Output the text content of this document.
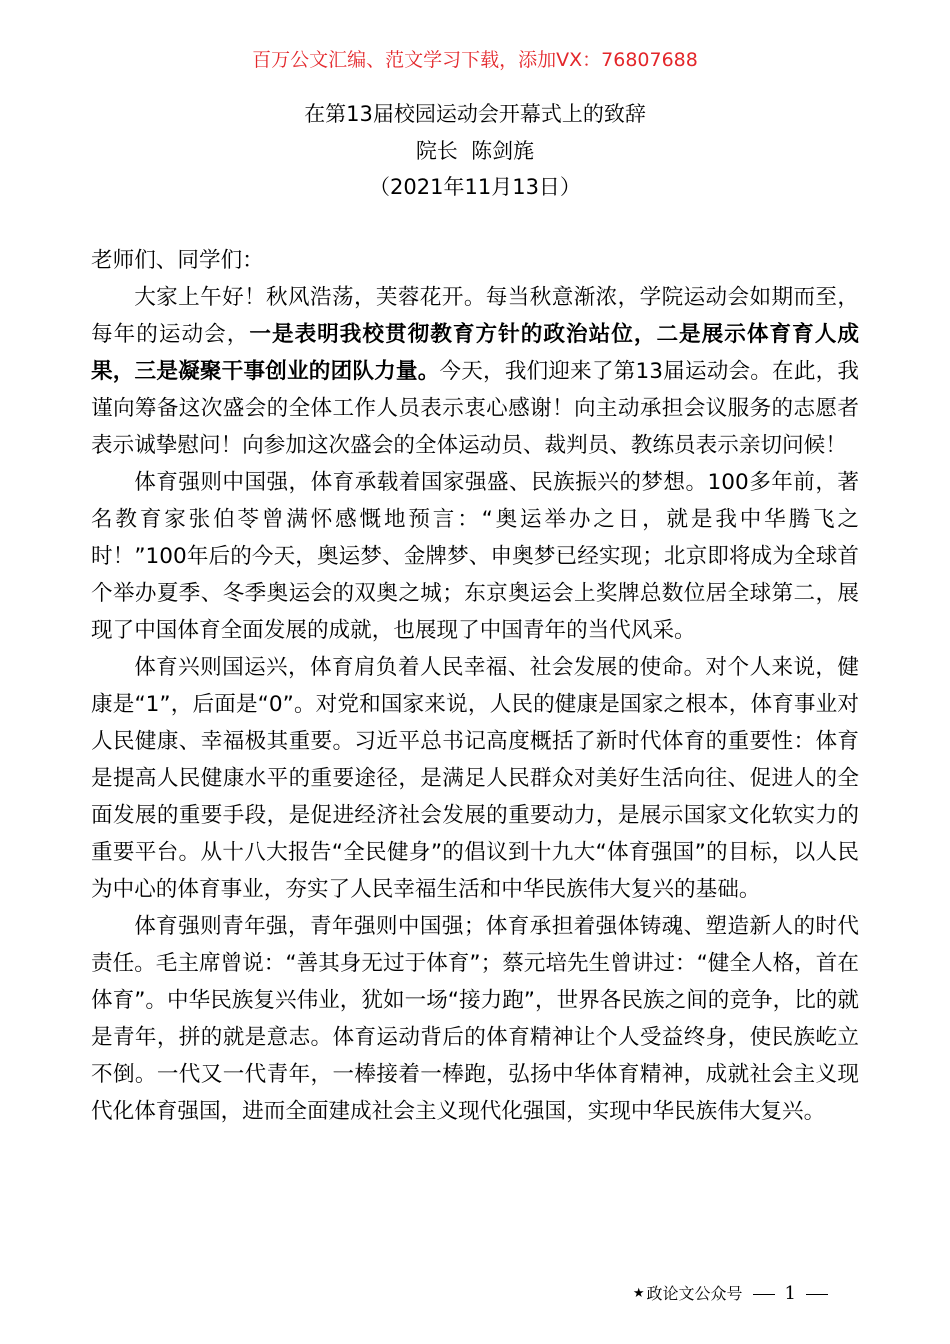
百万公文汇编、范文学习下载，添加VX：76807688
在第13届校园运动会开幕式上的致辞
院长  陈剑旄
（2021年11月13日）

老师们、同学们：

大家上午好！秋风浩荡，芙蓉花开。每当秋意渐浓，学院运动会如期而至，每年的运动会，一是表明我校贯彻教育方针的政治站位，二是展示体育育人成果，三是凝聚干事创业的团队力量。今天，我们迎来了第13届运动会。在此，我谨向筹备这次盛会的全体工作人员表示衷心感谢！向主动承担会议服务的志愿者表示诚挚慰问！向参加这次盛会的全体运动员、裁判员、教练员表示亲切问候！

体育强则中国强，体育承载着国家强盛、民族振兴的梦想。100多年前，著名教育家张伯苓曾满怀感慨地预言：“奥运举办之日，就是我中华腾飞之时！”100年后的今天，奥运梦、金牌梦、申奥梦已经实现；北京即将成为全球首个举办夏季、冬季奥运会的双奥之城；东京奥运会上奖牌总数位居全球第二，展现了中国体育全面发展的成就，也展现了中国青年的当代风采。

体育兴则国运兴，体育肩负着人民幸福、社会发展的使命。对个人来说，健康是“1”，后面是“0”。对党和国家来说，人民的健康是国家之根本，体育事业对人民健康、幸福极其重要。习近平总书记高度概括了新时代体育的重要性：体育是提高人民健康水平的重要途径，是满足人民群众对美好生活向往、促进人的全面发展的重要手段，是促进经济社会发展的重要动力，是展示国家文化软实力的重要平台。从十八大报告“全民健身”的倡议到十九大“体育强国”的目标，以人民为中心的体育事业，夯实了人民幸福生活和中华民族伟大复兴的基础。

体育强则青年强，青年强则中国强；体育承担着强体铸魂、塑造新人的时代责任。毛主席曾说：“善其身无过于体育”；蔡元培先生曾讲过：“健全人格，首在体育”。中华民族复兴伟业，犹如一场“接力跑”，世界各民族之间的竞争，比的就是青年，拼的就是意志。体育运动背后的体育精神让个人受益终身，使民族屹立不倒。一代又一代青年，一棒接着一棒跑，弘扬中华体育精神，成就社会主义现代化体育强国，进而全面建成社会主义现代化强国，实现中华民族伟大复兴。

★ 政论文公众号 1
